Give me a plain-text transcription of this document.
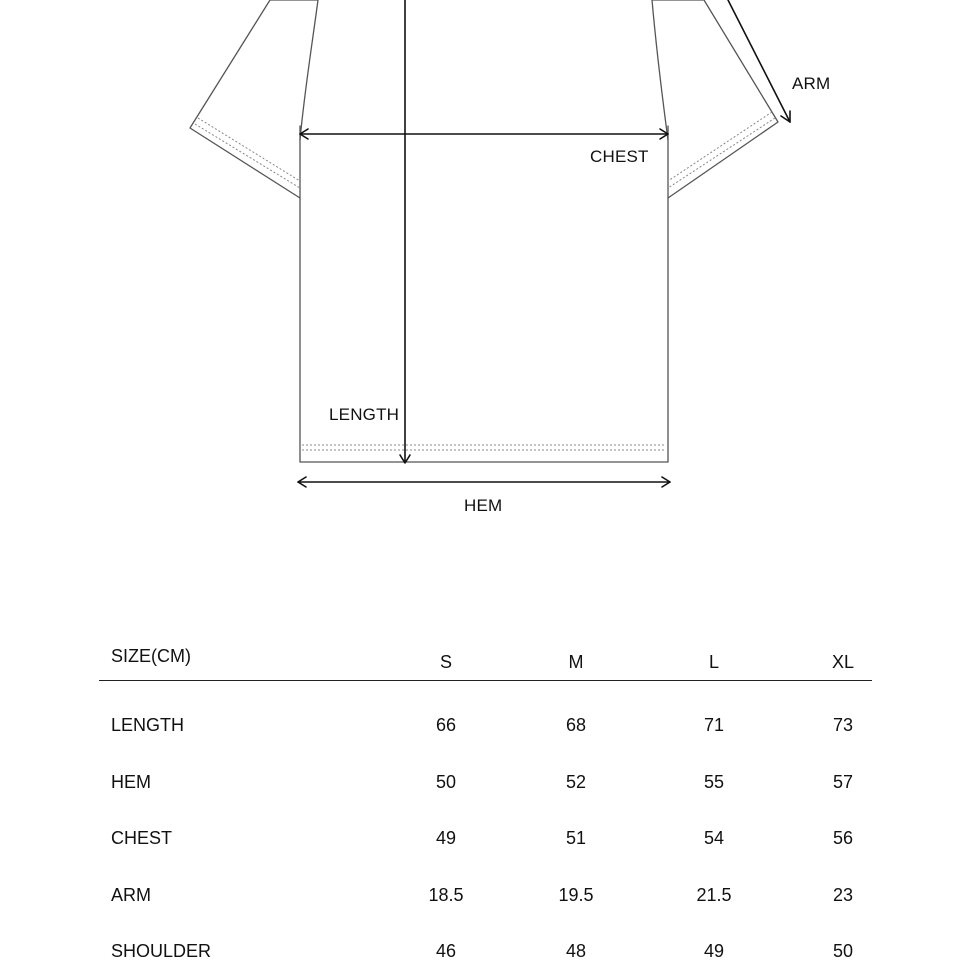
ARM
CHEST
LENGTH
HEM
SIZE(CM)	S	M	L	XL
LENGTH	66	68	71	73
HEM	50	52	55	57
CHEST	49	51	54	56
ARM	18.5	19.5	21.5	23
SHOULDER	46	48	49	50
